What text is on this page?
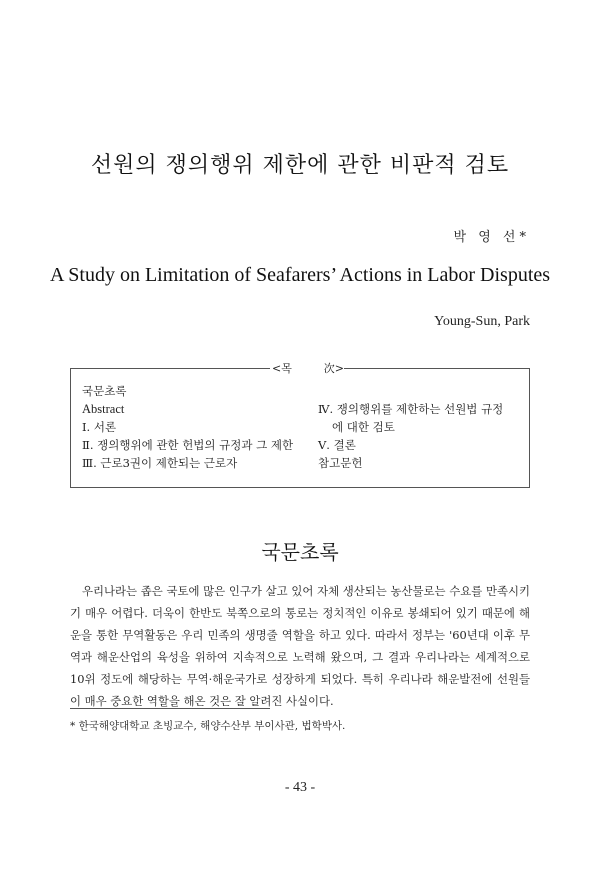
선원의 쟁의행위 제한에 관한 비판적 검토
박 영 선*
A Study on Limitation of Seafarers’ Actions in Labor Disputes
Young-Sun, Park
<목	次>
국문초록
Abstract
Ⅰ. 서론
Ⅱ. 쟁의행위에 관한 헌법의 규정과 그 제한
Ⅲ. 근로3권이 제한되는 근로자
Ⅳ. 쟁의행위를 제한하는 선원법 규정
에 대한 검토
Ⅴ. 결론
참고문헌
국문초록

우리나라는 좁은 국토에 많은 인구가 살고 있어 자체 생산되는 농산물로는 수요를 만족시키기 매우 어렵다. 더욱이 한반도 북쪽으로의 통로는 정치적인 이유로 봉쇄되어 있기 때문에 해운을 통한 무역활동은 우리 민족의 생명줄 역할을 하고 있다. 따라서 정부는 '60년대 이후 무역과 해운산업의 육성을 위하여 지속적으로 노력해 왔으며, 그 결과 우리나라는 세계적으로 10위 정도에 해당하는 무역·해운국가로 성장하게 되었다. 특히 우리나라 해운발전에 선원들이 매우 중요한 역할을 해온 것은 잘 알려진 사실이다.

* 한국해양대학교 초빙교수, 해양수산부 부이사관, 법학박사.
- 43 -
